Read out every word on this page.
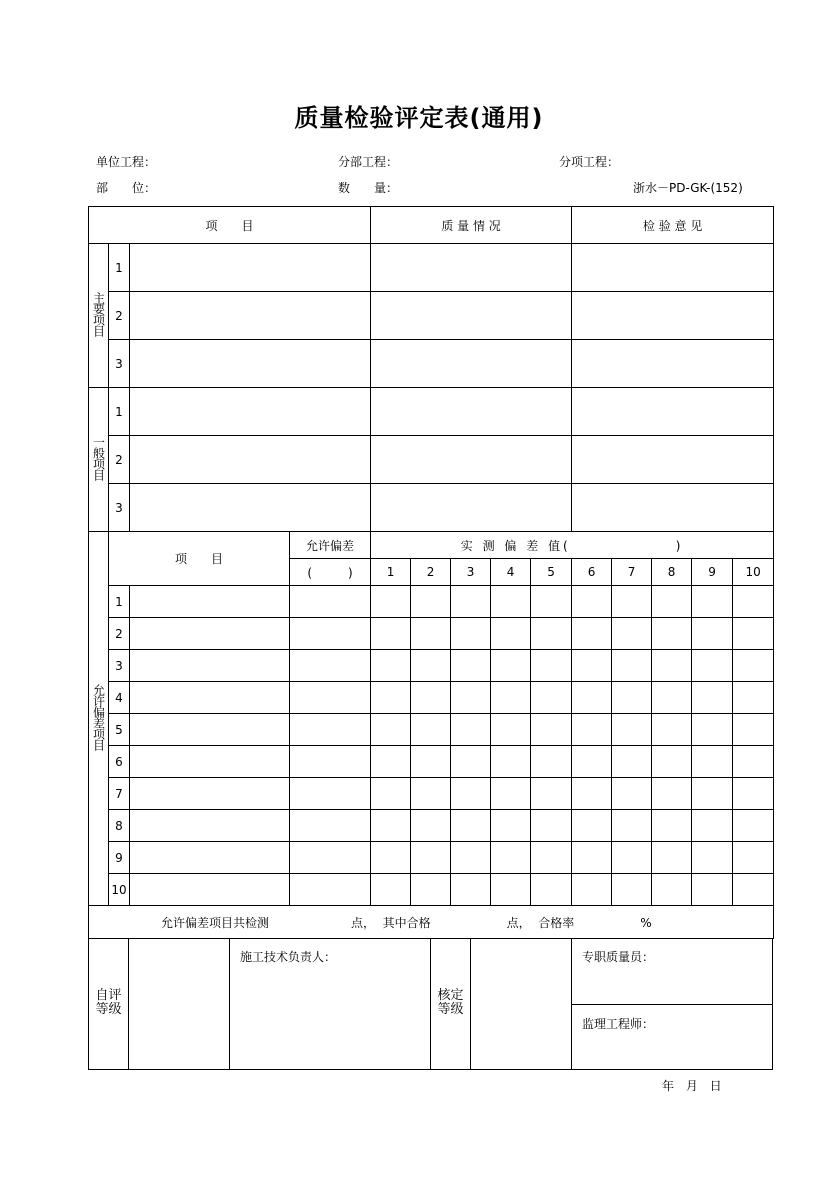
质量检验评定表(通用)
单位工程：	分部工程：	分项工程：
部　　位：	数　　量：	浙水－PD-GK-(152)
项　　目				质 量 情 况					检 验 意 见				
主要项目	1												
	2												
	3												
一般项目	1												
	2												
	3												
允许偏差项目	项　　目		允许偏差	实 测 偏 差 值(　　　　　　　)									
			(　　　)	1	2	3	4	5	6	7	8	9	10
	1												
	2												
	3												
	4												
	5												
	6												
	7												
	8												
	9												
	10												
允许偏差项目共检测 点，  其中合格 点，  合格率 %													
自评等级		施工技术负责人：	核定等级		专职质量员：
监理工程师：
年 月 日
